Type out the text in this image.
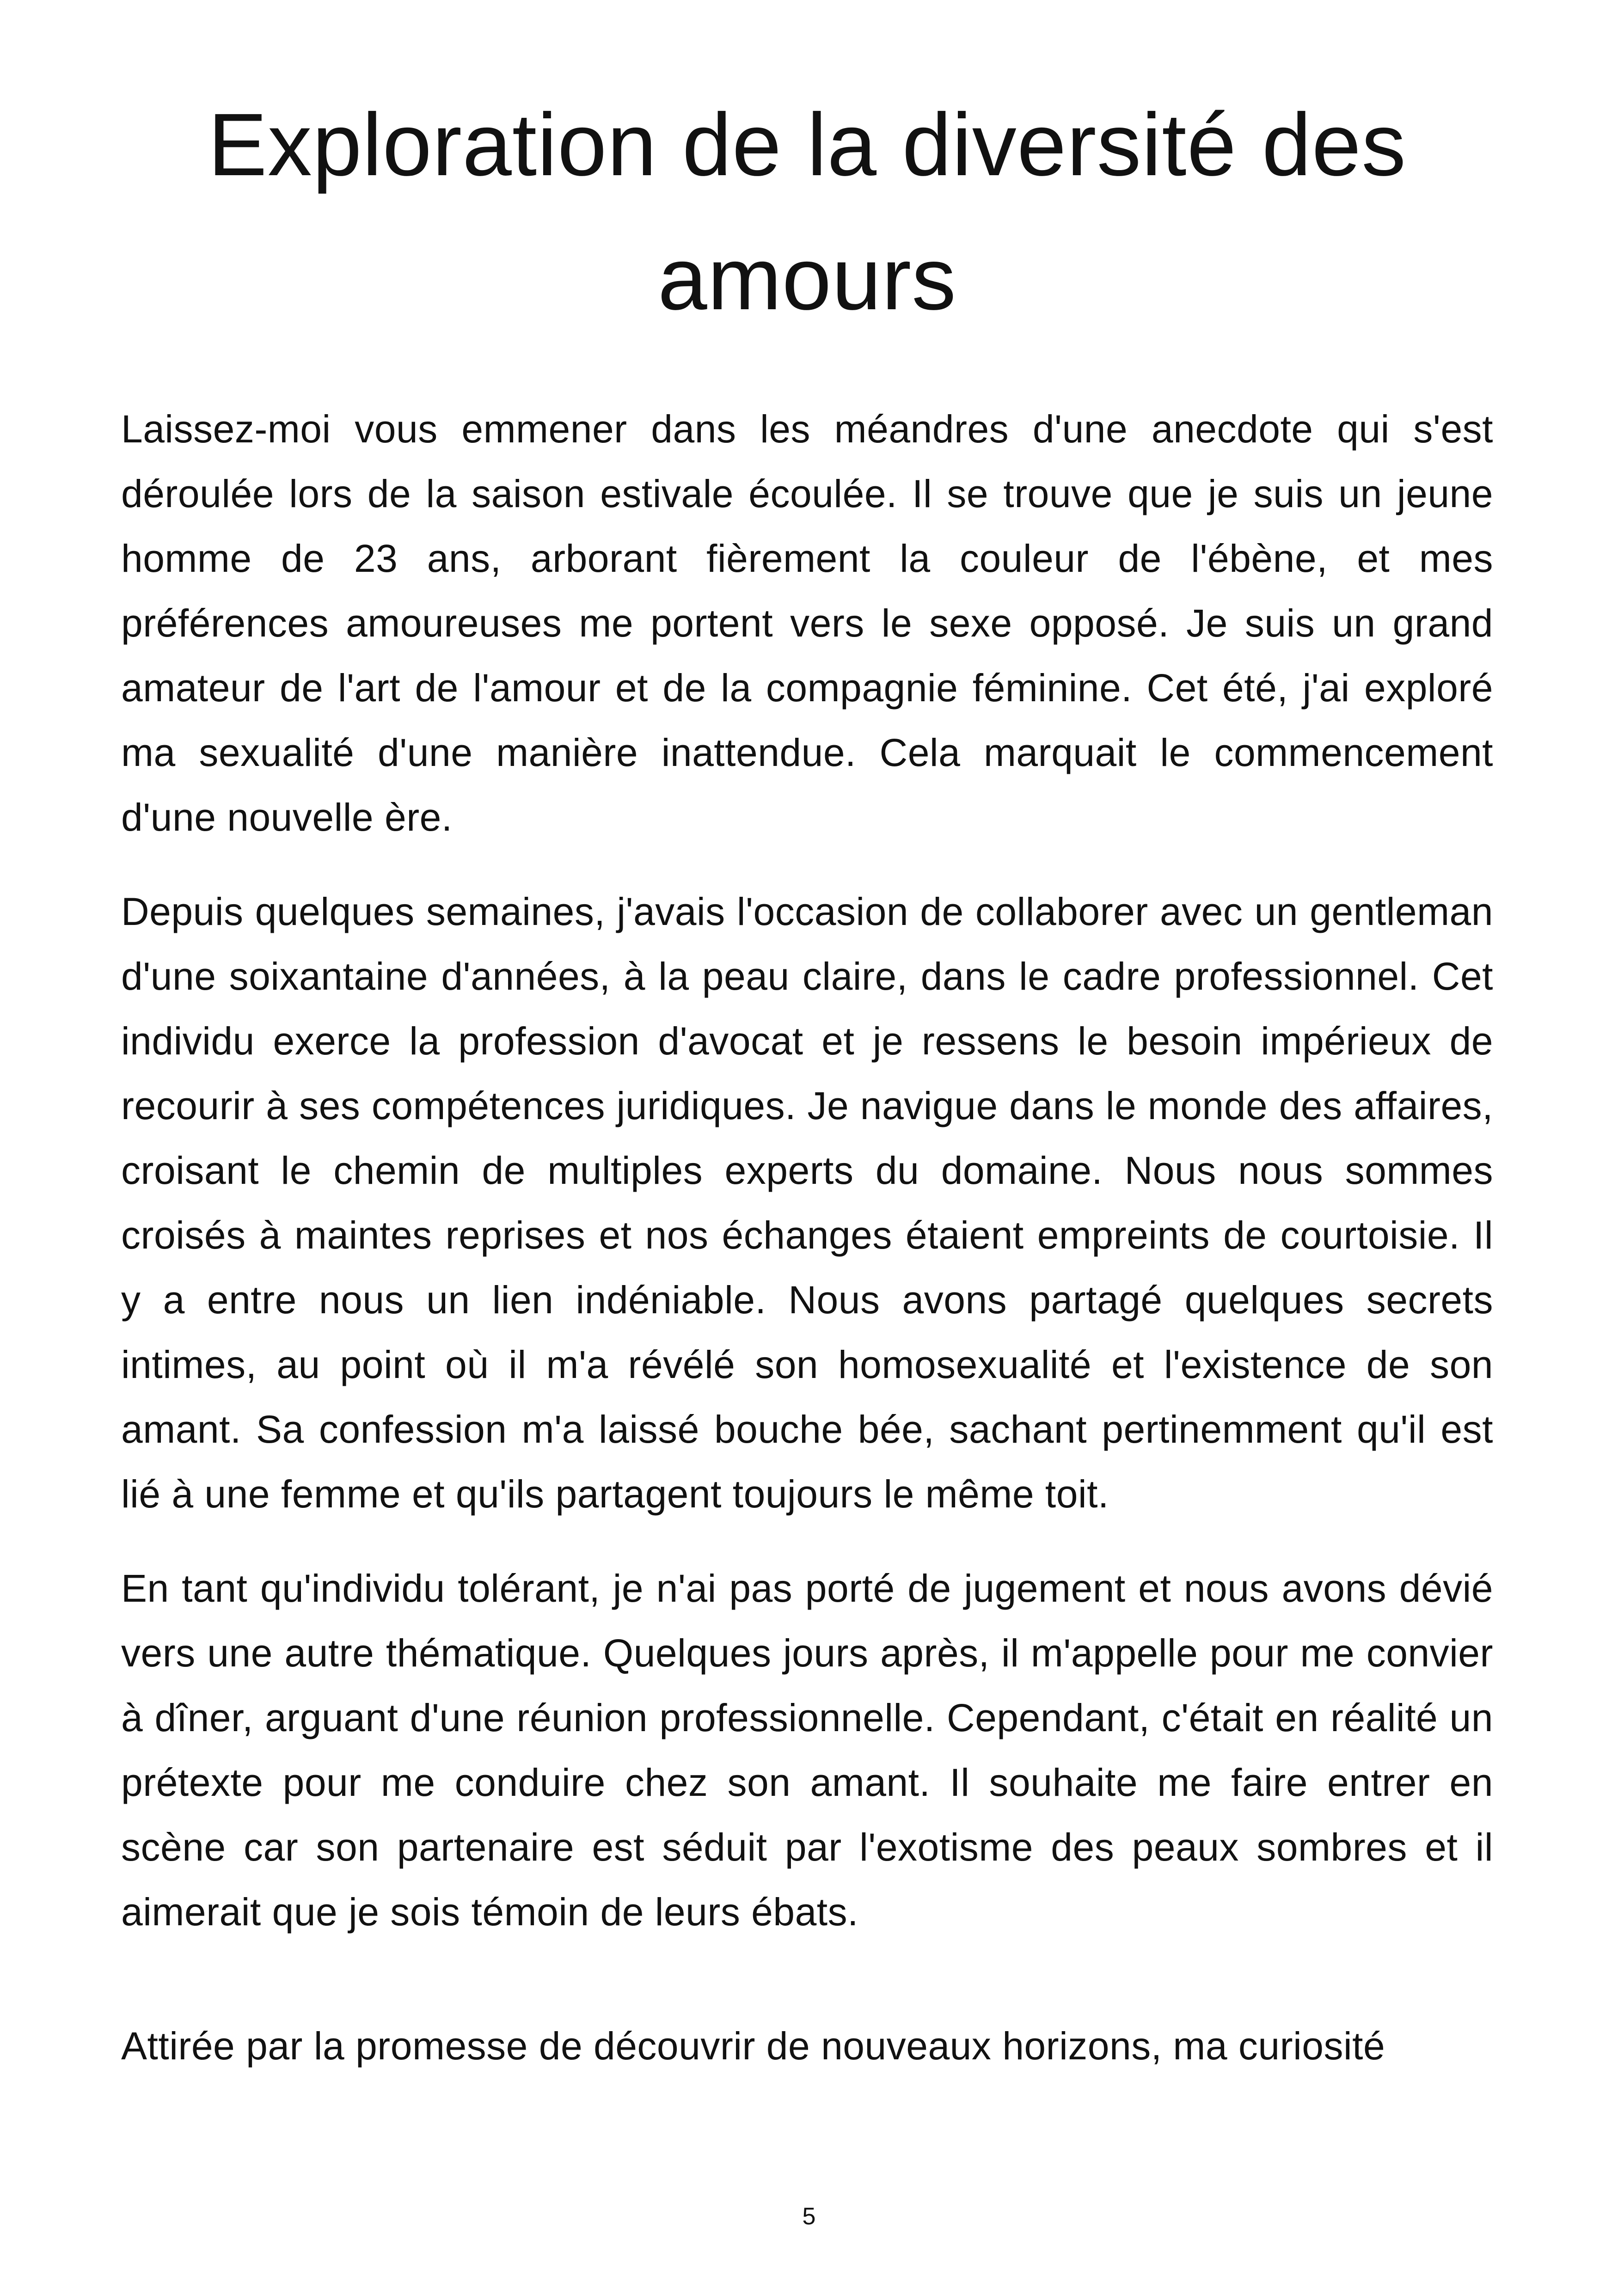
Exploration de la diversité des amours

Laissez-moi vous emmener dans les méandres d'une anecdote qui s'est déroulée lors de la saison estivale écoulée. Il se trouve que je suis un jeune homme de 23 ans, arborant fièrement la couleur de l'ébène, et mes préférences amoureuses me portent vers le sexe opposé. Je suis un grand amateur de l'art de l'amour et de la compagnie féminine. Cet été, j'ai exploré ma sexualité d'une manière inattendue. Cela marquait le commencement d'une nouvelle ère.

Depuis quelques semaines, j'avais l'occasion de collaborer avec un gentleman d'une soixantaine d'années, à la peau claire, dans le cadre professionnel. Cet individu exerce la profession d'avocat et je ressens le besoin impérieux de recourir à ses compétences juridiques. Je navigue dans le monde des affaires, croisant le chemin de multiples experts du domaine. Nous nous sommes croisés à maintes reprises et nos échanges étaient empreints de courtoisie. Il y a entre nous un lien indéniable. Nous avons partagé quelques secrets intimes, au point où il m'a révélé son homosexualité et l'existence de son amant. Sa confession m'a laissé bouche bée, sachant pertinemment qu'il est lié à une femme et qu'ils partagent toujours le même toit.

En tant qu'individu tolérant, je n'ai pas porté de jugement et nous avons dévié vers une autre thématique. Quelques jours après, il m'appelle pour me convier à dîner, arguant d'une réunion professionnelle. Cependant, c'était en réalité un prétexte pour me conduire chez son amant. Il souhaite me faire entrer en scène car son partenaire est séduit par l'exotisme des peaux sombres et il aimerait que je sois témoin de leurs ébats.

Attirée par la promesse de découvrir de nouveaux horizons, ma curiosité

5
